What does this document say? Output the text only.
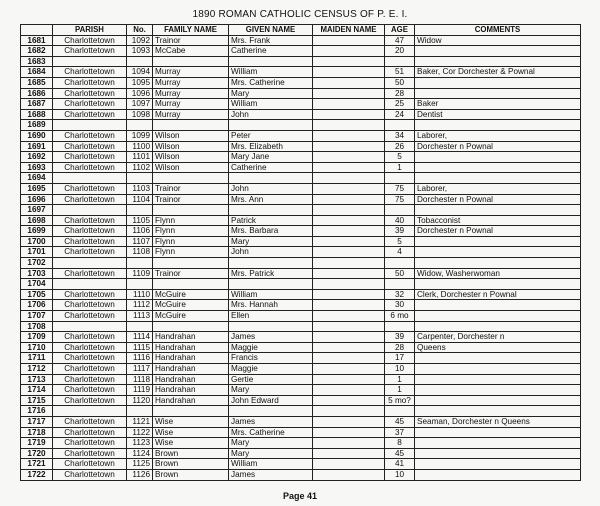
1890 ROMAN CATHOLIC CENSUS OF P. E. I.
	PARISH	No.	FAMILY NAME	GIVEN NAME	MAIDEN NAME	AGE	COMMENTS
1681	Charlottetown	1092	Trainor	Mrs. Frank		47	Widow
1682	Charlottetown	1093	McCabe	Catherine		20	
1683							
1684	Charlottetown	1094	Murray	William		51	Baker, Cor Dorchester & Pownal
1685	Charlottetown	1095	Murray	Mrs. Catherine		50	
1686	Charlottetown	1096	Murray	Mary		28	
1687	Charlottetown	1097	Murray	William		25	Baker
1688	Charlottetown	1098	Murray	John		24	Dentist
1689							
1690	Charlottetown	1099	Wilson	Peter		34	Laborer,
1691	Charlottetown	1100	Wilson	Mrs. Elizabeth		26	Dorchester n Pownal
1692	Charlottetown	1101	Wilson	Mary Jane		5	
1693	Charlottetown	1102	Wilson	Catherine		1	
1694							
1695	Charlottetown	1103	Trainor	John		75	Laborer,
1696	Charlottetown	1104	Trainor	Mrs. Ann		75	Dorchester n Pownal
1697							
1698	Charlottetown	1105	Flynn	Patrick		40	Tobacconist
1699	Charlottetown	1106	Flynn	Mrs. Barbara		39	Dorchester n Pownal
1700	Charlottetown	1107	Flynn	Mary		5	
1701	Charlottetown	1108	Flynn	John		4	
1702							
1703	Charlottetown	1109	Trainor	Mrs. Patrick		50	Widow, Washerwoman
1704							
1705	Charlottetown	1110	McGuire	William		32	Clerk, Dorchester n Pownal
1706	Charlottetown	1112	McGuire	Mrs. Hannah		30	
1707	Charlottetown	1113	McGuire	Ellen		6 mo	
1708							
1709	Charlottetown	1114	Handrahan	James		39	Carpenter, Dorchester n
1710	Charlottetown	1115	Handrahan	Maggie		28	Queens
1711	Charlottetown	1116	Handrahan	Francis		17	
1712	Charlottetown	1117	Handrahan	Maggie		10	
1713	Charlottetown	1118	Handrahan	Gertie		1	
1714	Charlottetown	1119	Handrahan	Mary		1	
1715	Charlottetown	1120	Handrahan	John Edward		5 mo?	
1716							
1717	Charlottetown	1121	Wise	James		45	Seaman, Dorchester n Queens
1718	Charlottetown	1122	Wise	Mrs. Catherine		37	
1719	Charlottetown	1123	Wise	Mary		8	
1720	Charlottetown	1124	Brown	Mary		45	
1721	Charlottetown	1125	Brown	William		41	
1722	Charlottetown	1126	Brown	James		10	
Page 41
